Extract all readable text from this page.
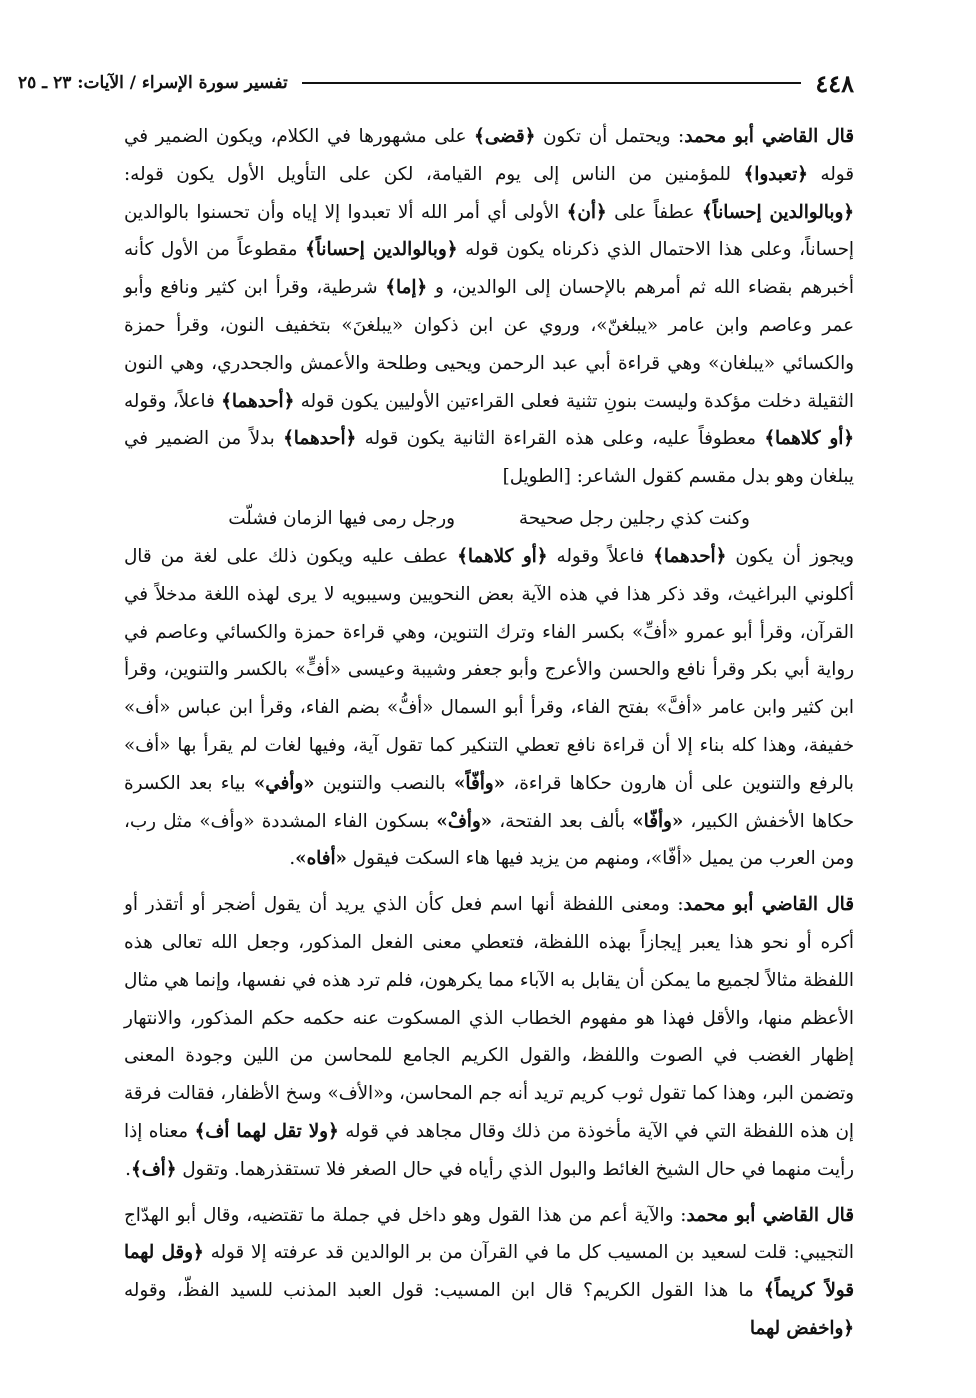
٤٤٨
تفسير سورة الإسراء / الآيات: ٢٣ ـ ٢٥

قال القاضي أبو محمد: ويحتمل أن تكون ﴿قضى﴾ على مشهورها في الكلام، ويكون الضمير في قوله ﴿تعبدوا﴾ للمؤمنين من الناس إلى يوم القيامة، لكن على التأويل الأول يكون قوله: ﴿وبالوالدين إحساناً﴾ عطفاً على ﴿أن﴾ الأولى أي أمر الله ألا تعبدوا إلا إياه وأن تحسنوا بالوالدين إحساناً، وعلى هذا الاحتمال الذي ذكرناه يكون قوله ﴿وبالوالدين إحساناً﴾ مقطوعاً من الأول كأنه أخبرهم بقضاء الله ثم أمرهم بالإحسان إلى الوالدين، و ﴿إما﴾ شرطية، وقرأ ابن كثير ونافع وأبو عمر وعاصم وابن عامر «يبلغنّ»، وروي عن ابن ذكوان «يبلغنَ» بتخفيف النون، وقرأ حمزة والكسائي «يبلغان» وهي قراءة أبي عبد الرحمن ويحيى وطلحة والأعمش والجحدري، وهي النون الثقيلة دخلت مؤكدة وليست بنونِ تثنية فعلى القراءتين الأوليين يكون قوله ﴿أحدهما﴾ فاعلاً، وقوله ﴿أو كلاهما﴾ معطوفاً عليه، وعلى هذه القراءة الثانية يكون قوله ﴿أحدهما﴾ بدلاً من الضمير في يبلغان وهو بدل مقسم كقول الشاعر: [الطويل]

وكنت كذي رجلين رجل صحيحة
ورجل رمى فيها الزمان فشلّت

ويجوز أن يكون ﴿أحدهما﴾ فاعلاً وقوله ﴿أو كلاهما﴾ عطف عليه ويكون ذلك على لغة من قال أكلوني البراغيث، وقد ذكر هذا في هذه الآية بعض النحويين وسيبويه لا يرى لهذه اللغة مدخلاً في القرآن، وقرأ أبو عمرو «أفِّ» بكسر الفاء وترك التنوين، وهي قراءة حمزة والكسائي وعاصم في رواية أبي بكر وقرأ نافع والحسن والأعرج وأبو جعفر وشيبة وعيسى «أفٍّ» بالكسر والتنوين، وقرأ ابن كثير وابن عامر «أفَّ» بفتح الفاء، وقرأ أبو السمال «أفُّ» بضم الفاء، وقرأ ابن عباس «أف» خفيفة، وهذا كله بناء إلا أن قراءة نافع تعطي التنكير كما تقول آية، وفيها لغات لم يقرأ بها «أف» بالرفع والتنوين على أن هارون حكاها قراءة، «وأفّاً» بالنصب والتنوين «وأفي» بياء بعد الكسرة حكاها الأخفش الكبير، «وأفّا» بألف بعد الفتحة، «وأفْ» بسكون الفاء المشددة «وأف» مثل رب، ومن العرب من يميل «أفّا»، ومنهم من يزيد فيها هاء السكت فيقول «أفاه».

قال القاضي أبو محمد: ومعنى اللفظة أنها اسم فعل كأن الذي يريد أن يقول أضجر أو أتقذر أو أكره أو نحو هذا يعبر إيجازاً بهذه اللفظة، فتعطي معنى الفعل المذكور، وجعل الله تعالى هذه اللفظة مثالاً لجميع ما يمكن أن يقابل به الآباء مما يكرهون، فلم ترد هذه في نفسها، وإنما هي مثال الأعظم منها، والأقل فهذا هو مفهوم الخطاب الذي المسكوت عنه حكمه حكم المذكور، والانتهار إظهار الغضب في الصوت واللفظ، والقول الكريم الجامع للمحاسن من اللين وجودة المعنى وتضمن البر، وهذا كما تقول ثوب كريم تريد أنه جم المحاسن، و«الأف» وسخ الأظفار، فقالت فرقة إن هذه اللفظة التي في الآية مأخوذة من ذلك وقال مجاهد في قوله ﴿ولا تقل لهما أف﴾ معناه إذا رأيت منهما في حال الشيخ الغائط والبول الذي رأياه في حال الصغر فلا تستقذرهما. وتقول ﴿أف﴾.

قال القاضي أبو محمد: والآية أعم من هذا القول وهو داخل في جملة ما تقتضيه، وقال أبو الهدّاج التجيبي: قلت لسعيد بن المسيب كل ما في القرآن من بر الوالدين قد عرفته إلا قوله ﴿وقل لهما قولاً كريماً﴾ ما هذا القول الكريم؟ قال ابن المسيب: قول العبد المذنب للسيد الفظّ، وقوله ﴿واخفض لهما
